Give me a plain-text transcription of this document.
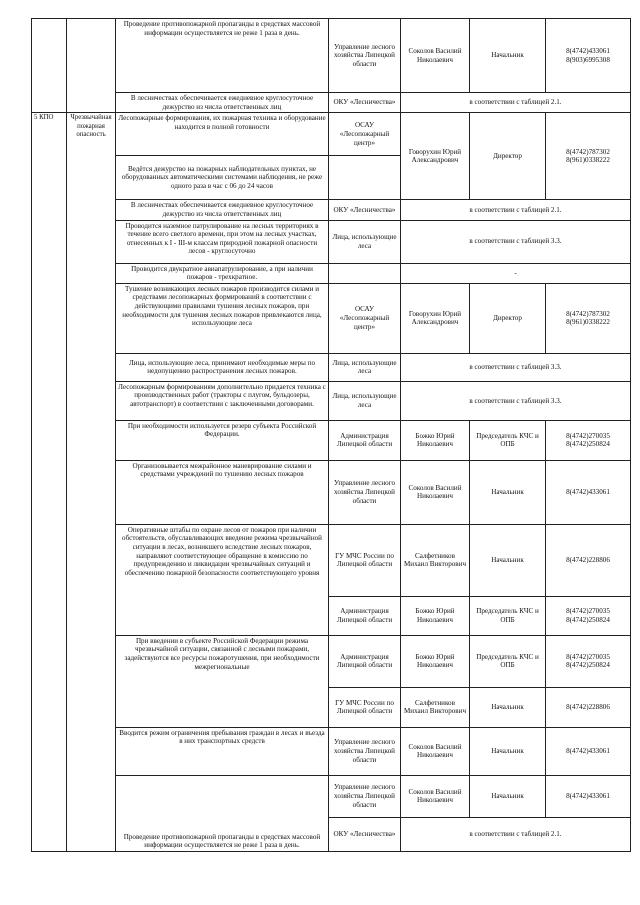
		Проведение противопожарной пропаганды в средствах массовой информации осуществляется не реже 1 раза в день.	Управление лесного хозяйства Липецкой области	Соколов Василий Николаевич	Начальник	8(4742)433061 8(903)6995308
		В лесничествах обеспечивается ежедневное круглосуточное дежурство из числа ответственных лиц	ОКУ «Лесничества»	в соответствии с таблицей 2.1.		
5 КПО	Чрезвычайная пожарная опасность	Лесопожарные формирования, их пожарная техника и оборудование находится в полной готовности	ОСАУ «Лесопожарный центр»	Говорухин Юрий Александрович	Директор	8(4742)787302 8(961)0338222
		Ведётся дежурство на пожарных наблюдательных пунктах, не оборудованных автоматическими системами наблюдения, не реже одного раза в час с 06 до 24 часов				
		В лесничествах обеспечивается ежедневное круглосуточное дежурство из числа ответственных лиц	ОКУ «Лесничества»	в соответствии с таблицей 2.1.		
		Проводится наземное патрулирование на лесных территориях в течение всего светлого времени, при этом на лесных участках, отнесенных к I - III-м классам природной пожарной опасности лесов - круглосуточно	Лица, использующие леса	в соответствии с таблицей 3.3.		
		Проводится двукратное авиапатрулирование, а при наличии пожаров - трехкратное.		-		
		Тушение возникающих лесных пожаров производится силами и средствами лесопожарных формирований в соответствии с действующими правилами тушения лесных пожаров, при необходимости для тушения лесных пожаров привлекаются лица, использующие леса	ОСАУ «Лесопожарный центр»	Говорухин Юрий Александрович	Директор	8(4742)787302 8(961)0338222
		Лица, использующие леса, принимают необходимые меры по недопущению распространения лесных пожаров.	Лица, использующие леса	в соответствии с таблицей 3.3.		
		Лесопожарным формированиям дополнительно придается техника с производственных работ (тракторы с плугом, бульдозеры, автотранспорт) в соответствии с заключенными договорами.	Лица, использующие леса	в соответствии с таблицей 3.3.		
		При необходимости используется резерв субъекта Российской Федерации.	Администрация Липецкой области	Божко Юрий Николаевич	Председатель КЧС и ОПБ	8(4742)270035 8(4742)250824
		Организовывается межрайонное маневрирование силами и средствами учреждений по тушению лесных пожаров	Управление лесного хозяйства Липецкой области	Соколов Василий Николаевич	Начальник	8(4742)433061
		Оперативные штабы по охране лесов от пожаров при наличии обстоятельств, обуславливающих введение режима чрезвычайной ситуации в лесах, возникшего вследствие лесных пожаров, направляют соответствующее обращение в комиссию по предупреждению и ликвидации чрезвычайных ситуаций и обеспечению пожарной безопасности соответствующего уровня	ГУ МЧС России по Липецкой области	Салфетников Михаил Викторович	Начальник	8(4742)228806
			Администрация Липецкой области	Божко Юрий Николаевич	Председатель КЧС и ОПБ	8(4742)270035 8(4742)250824
		При введении в субъекте Российской Федерации режима чрезвычайной ситуации, связанной с лесными пожарами, задействуются все ресурсы пожаротушения, при необходимости межрегиональные	Администрация Липецкой области	Божко Юрий Николаевич	Председатель КЧС и ОПБ	8(4742)270035 8(4742)250824
			ГУ МЧС России по Липецкой области	Салфетников Михаил Викторович	Начальник	8(4742)228806
		Вводится режим ограничения пребывания граждан в лесах и въезда в них транспортных средств	Управление лесного хозяйства Липецкой области	Соколов Василий Николаевич	Начальник	8(4742)433061
		Проведение противопожарной пропаганды в средствах массовой информации осуществляется не реже 1 раза в день.	Управление лесного хозяйства Липецкой области	Соколов Василий Николаевич	Начальник	8(4742)433061
			ОКУ «Лесничества»	в соответствии с таблицей 2.1.		
